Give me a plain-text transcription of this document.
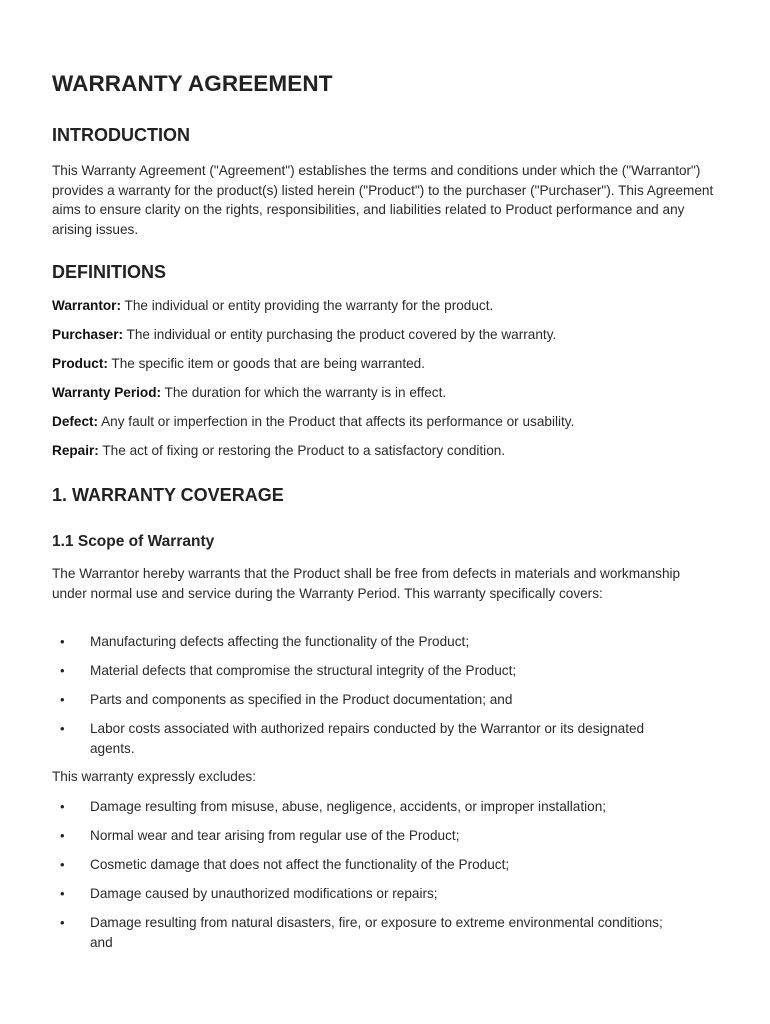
WARRANTY AGREEMENT
INTRODUCTION

This Warranty Agreement ("Agreement") establishes the terms and conditions under which the ("Warrantor") provides a warranty for the product(s) listed herein ("Product") to the purchaser ("Purchaser"). This Agreement aims to ensure clarity on the rights, responsibilities, and liabilities related to Product performance and any arising issues.

DEFINITIONS

Warrantor: The individual or entity providing the warranty for the product.

Purchaser: The individual or entity purchasing the product covered by the warranty.

Product: The specific item or goods that are being warranted.

Warranty Period: The duration for which the warranty is in effect.

Defect: Any fault or imperfection in the Product that affects its performance or usability.

Repair: The act of fixing or restoring the Product to a satisfactory condition.

1. WARRANTY COVERAGE
1.1 Scope of Warranty

The Warrantor hereby warrants that the Product shall be free from defects in materials and workmanship under normal use and service during the Warranty Period. This warranty specifically covers:

• Manufacturing defects affecting the functionality of the Product;
• Material defects that compromise the structural integrity of the Product;
• Parts and components as specified in the Product documentation; and
• Labor costs associated with authorized repairs conducted by the Warrantor or its designated agents.

This warranty expressly excludes:

• Damage resulting from misuse, abuse, negligence, accidents, or improper installation;
• Normal wear and tear arising from regular use of the Product;
• Cosmetic damage that does not affect the functionality of the Product;
• Damage caused by unauthorized modifications or repairs;
• Damage resulting from natural disasters, fire, or exposure to extreme environmental conditions; and
